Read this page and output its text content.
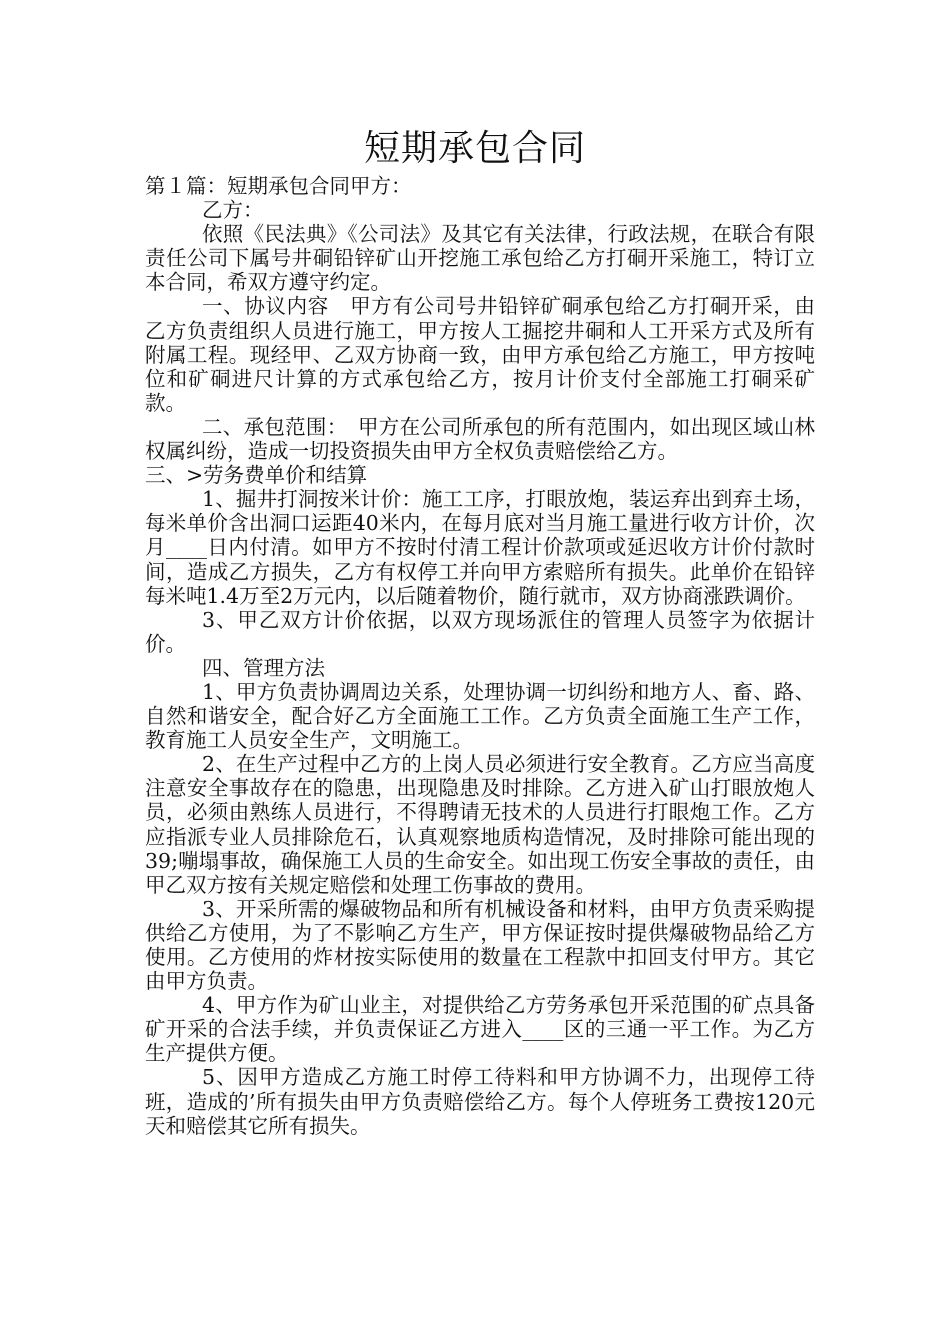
短期承包合同

第１篇：短期承包合同甲方：

乙方：

依照《民法典》《公司法》及其它有关法律，行政法规，在联合有限责任公司下属号井硐铅锌矿山开挖施工承包给乙方打硐开采施工，特订立本合同，希双方遵守约定。

一、协议内容　甲方有公司号井铅锌矿硐承包给乙方打硐开采，由乙方负责组织人员进行施工，甲方按人工掘挖井硐和人工开采方式及所有附属工程。现经甲、乙双方协商一致，由甲方承包给乙方施工，甲方按吨位和矿硐进尺计算的方式承包给乙方，按月计价支付全部施工打硐采矿款。

二、承包范围：　甲方在公司所承包的所有范围内，如出现区域山林权属纠纷，造成一切投资损失由甲方全权负责赔偿给乙方。

三、>劳务费单价和结算

1、掘井打洞按米计价：施工工序，打眼放炮，装运弃出到弃土场，每米单价含出洞口运距40米内，在每月底对当月施工量进行收方计价，次月____日内付清。如甲方不按时付清工程计价款项或延迟收方计价付款时间，造成乙方损失，乙方有权停工并向甲方索赔所有损失。此单价在铅锌每米吨1.4万至2万元内，以后随着物价，随行就市，双方协商涨跌调价。

3、甲乙双方计价依据，以双方现场派住的管理人员签字为依据计价。

四、管理方法

1、甲方负责协调周边关系，处理协调一切纠纷和地方人、畜、路、自然和谐安全，配合好乙方全面施工工作。乙方负责全面施工生产工作，教育施工人员安全生产，文明施工。

2、在生产过程中乙方的上岗人员必须进行安全教育。乙方应当高度注意安全事故存在的隐患，出现隐患及时排除。乙方进入矿山打眼放炮人员，必须由熟练人员进行，不得聘请无技术的人员进行打眼炮工作。乙方应指派专业人员排除危石，认真观察地质构造情况，及时排除可能出现的39;嘣塌事故，确保施工人员的生命安全。如出现工伤安全事故的责任，由甲乙双方按有关规定赔偿和处理工伤事故的费用。

3、开采所需的爆破物品和所有机械设备和材料，由甲方负责采购提供给乙方使用，为了不影响乙方生产，甲方保证按时提供爆破物品给乙方使用。乙方使用的炸材按实际使用的数量在工程款中扣回支付甲方。其它由甲方负责。

4、甲方作为矿山业主，对提供给乙方劳务承包开采范围的矿点具备矿开采的合法手续，并负责保证乙方进入____区的三通一平工作。为乙方生产提供方便。

5、因甲方造成乙方施工时停工待料和甲方协调不力，出现停工待班，造成的’所有损失由甲方负责赔偿给乙方。每个人停班务工费按120元天和赔偿其它所有损失。
